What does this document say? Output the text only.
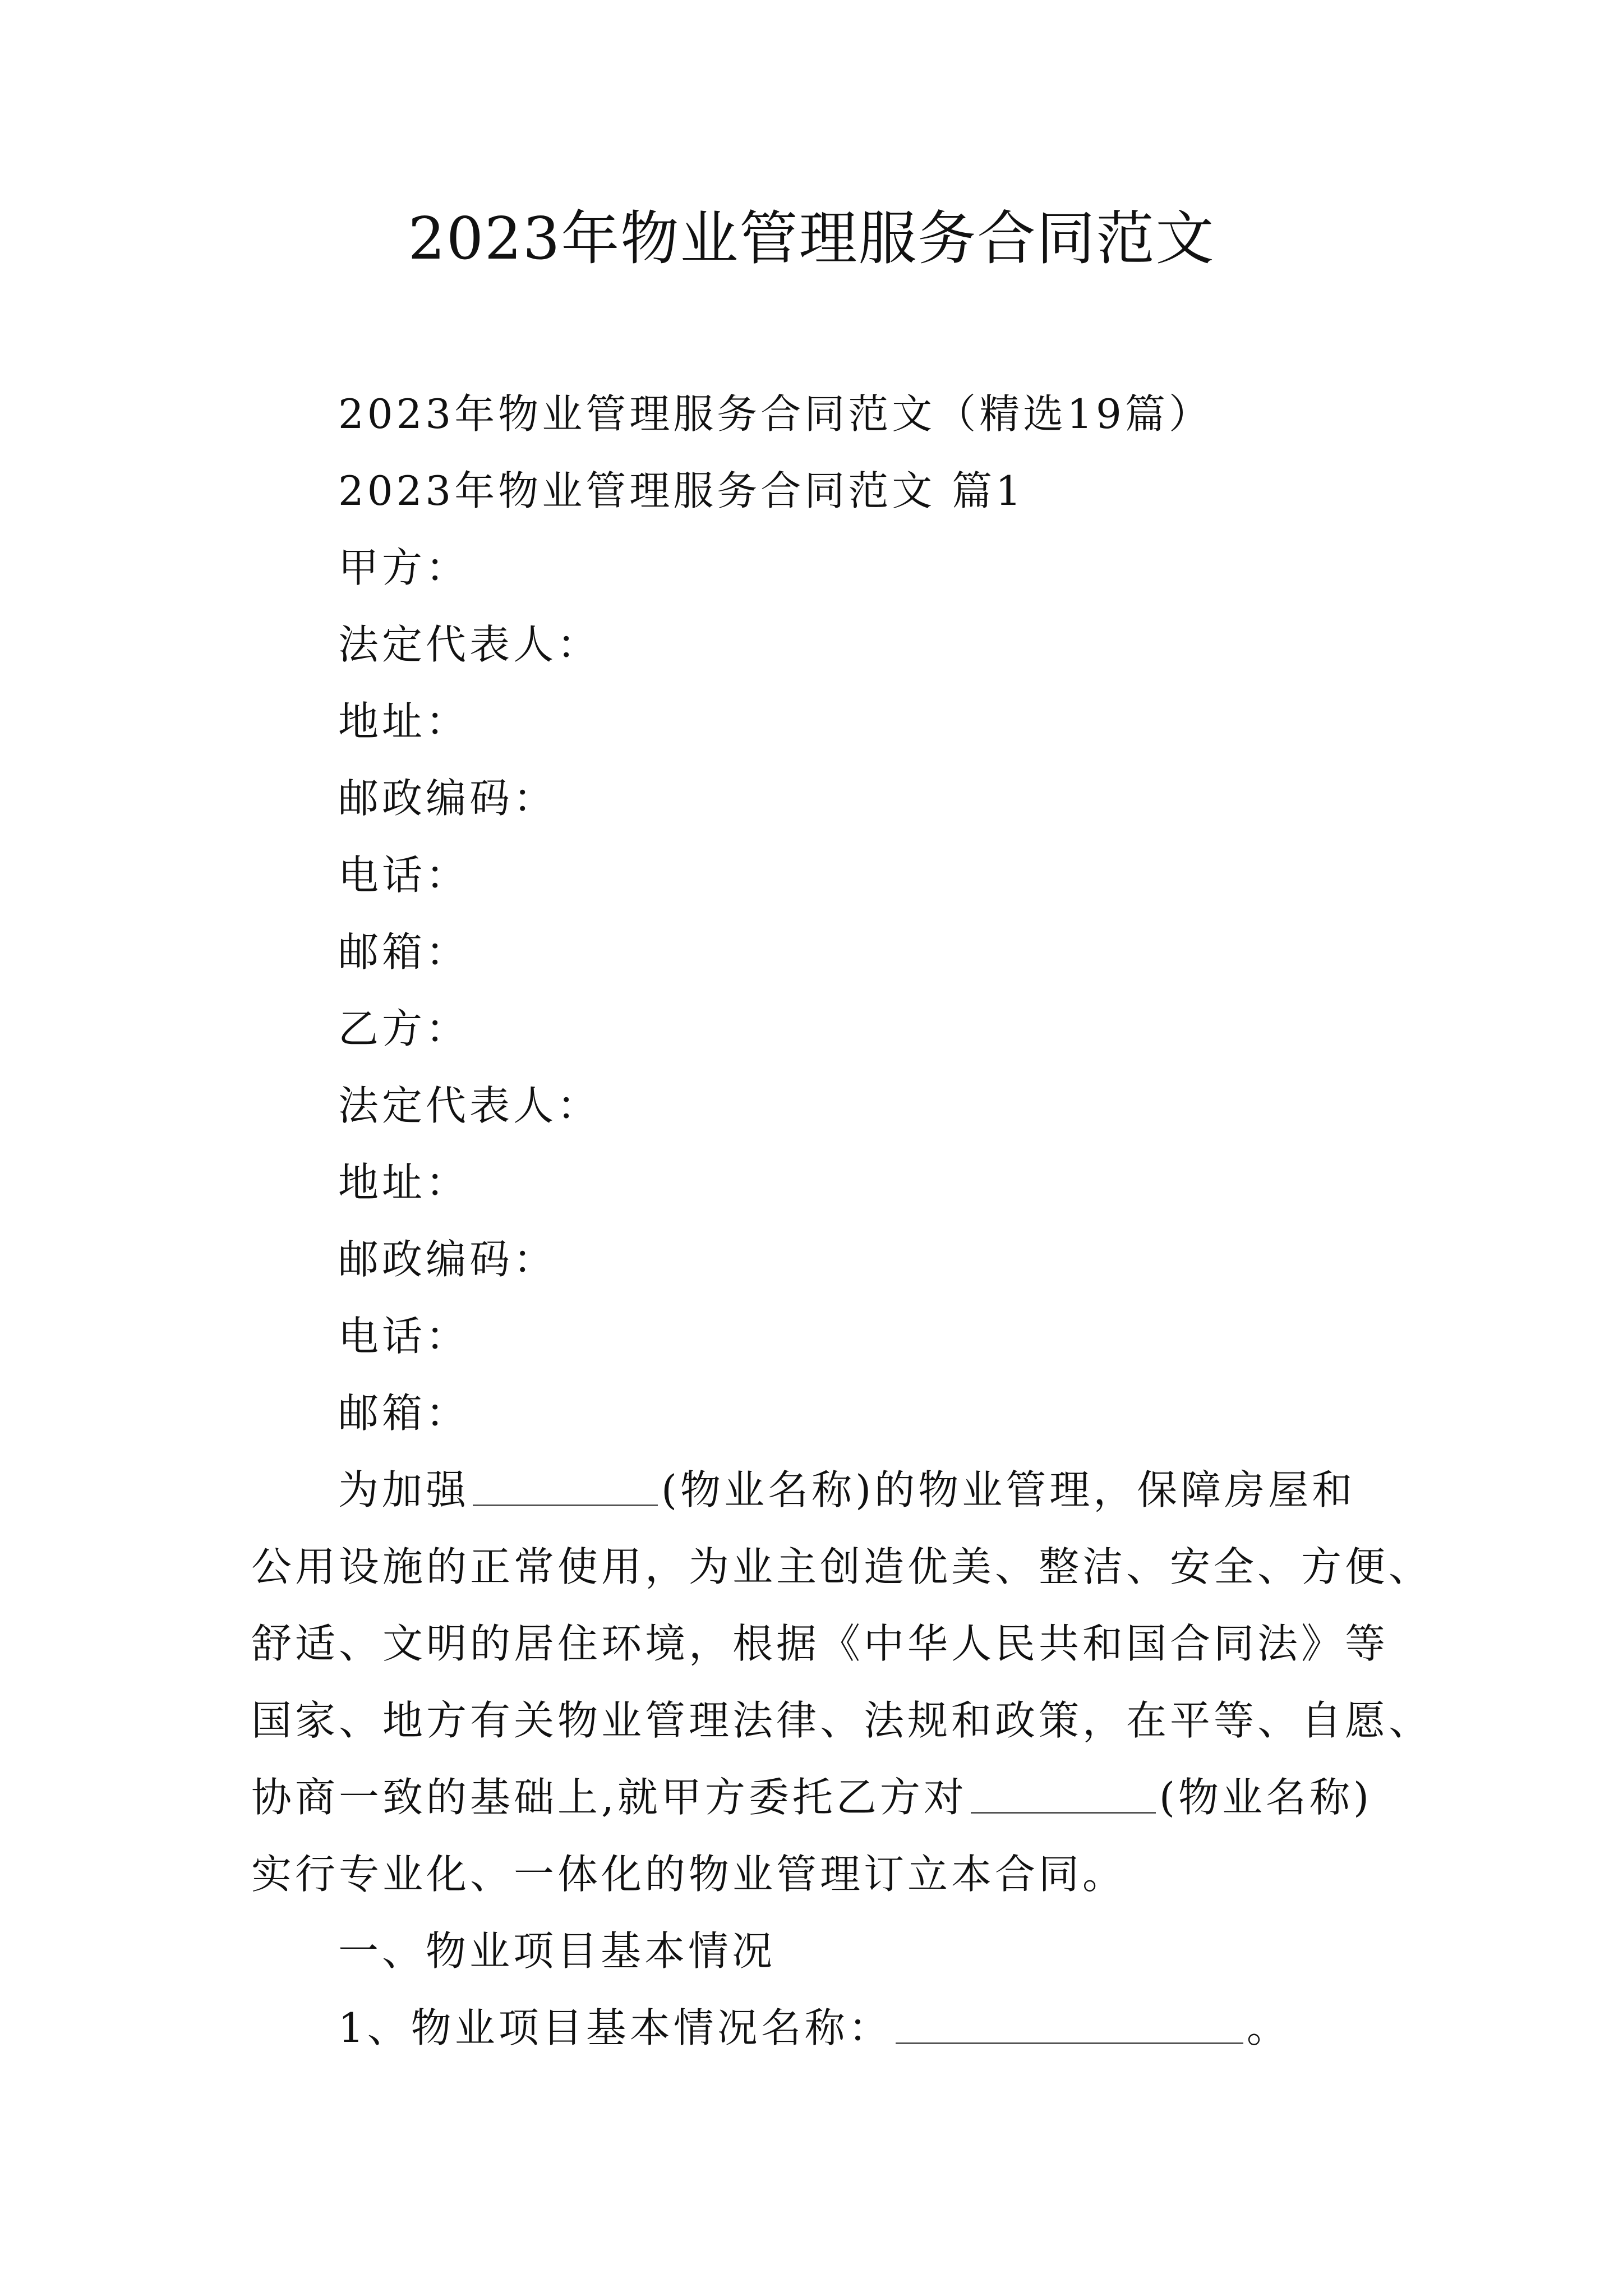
2023年物业管理服务合同范文
2023年物业管理服务合同范文（精选19篇）
2023年物业管理服务合同范文 篇1
甲方：
法定代表人：
地址：
邮政编码：
电话：
邮箱：
乙方：
法定代表人：
地址：
邮政编码：
电话：
邮箱：
为加强	(物业名称)的物业管理，保障房屋和
公用设施的正常使用，为业主创造优美、整洁、安全、方便、
舒适、文明的居住环境，根据《中华人民共和国合同法》等
国家、地方有关物业管理法律、法规和政策，在平等、自愿、
协商一致的基础上,就甲方委托乙方对	(物业名称)
实行专业化、一体化的物业管理订立本合同。
一、物业项目基本情况
1、物业项目基本情况名称：	。
